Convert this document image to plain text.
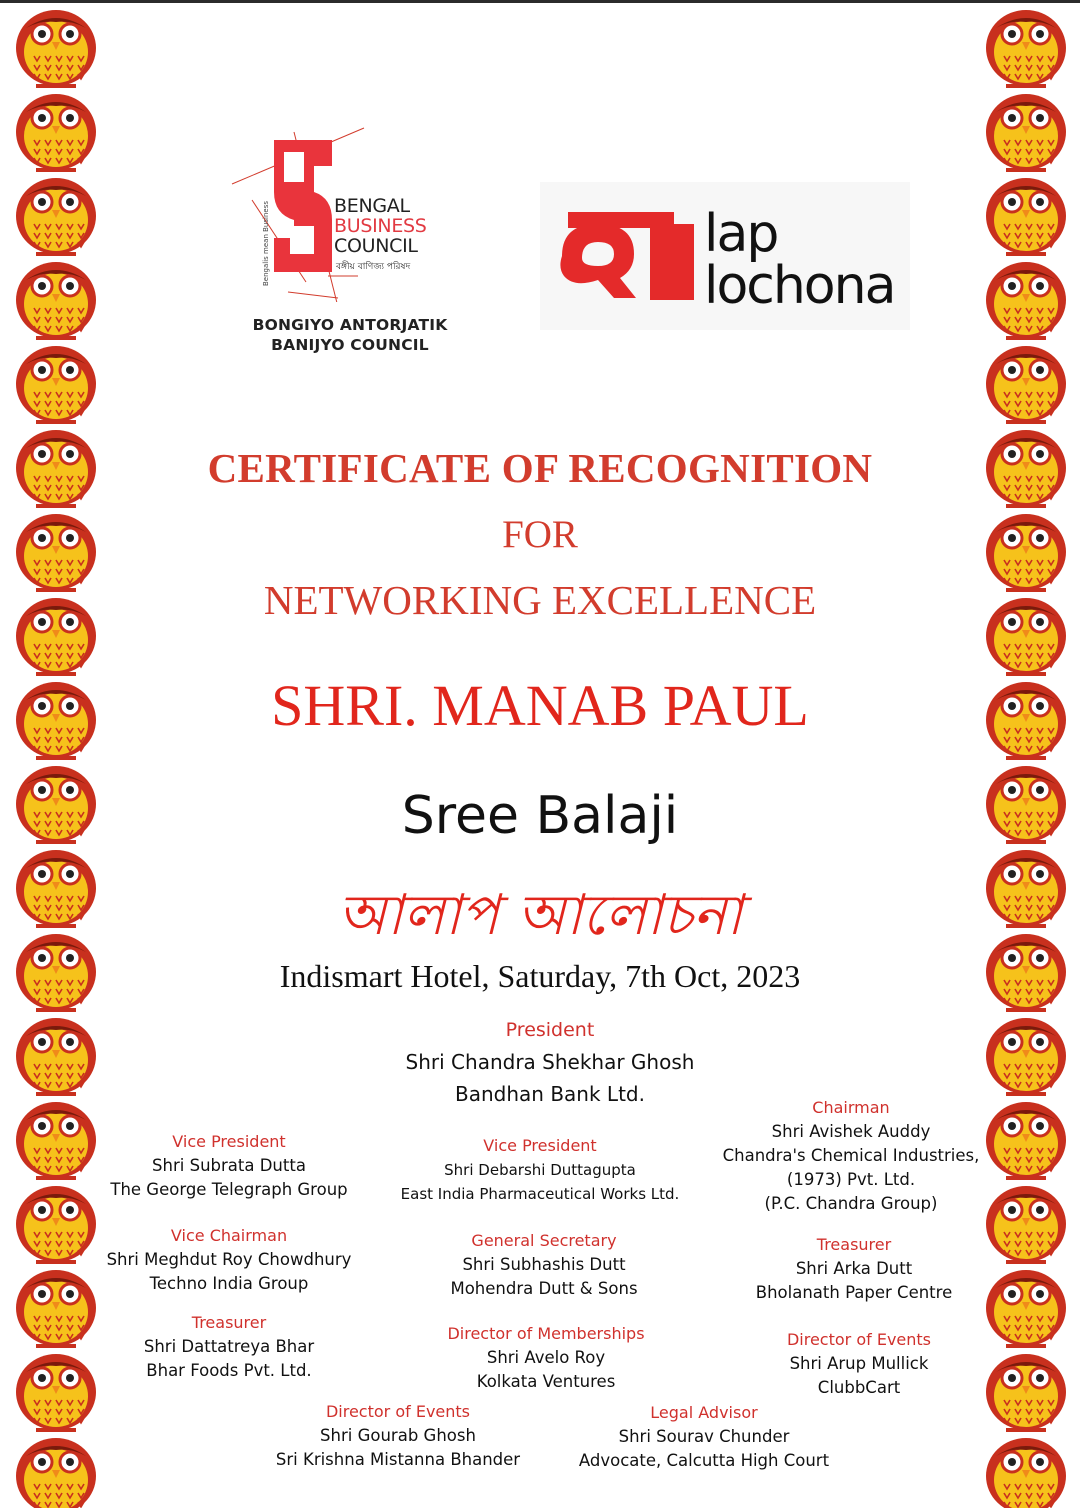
BENGAL
BUSINESS
COUNCIL
বঙ্গীয় বাণিজ্য পরিষদ
Bengalis mean Business
BONGIYO ANTORJATIK
BANIJYO COUNCIL
lap
lochona
CERTIFICATE OF RECOGNITION
FOR
NETWORKING EXCELLENCE
SHRI. MANAB PAUL
Sree Balaji
আলাপ আলোচনা
Indismart Hotel, Saturday, 7th Oct, 2023
President
Shri Chandra Shekhar Ghosh
Bandhan Bank Ltd.
Vice President
Shri Subrata Dutta
The George Telegraph Group
Vice President
Shri Debarshi Duttagupta
East India Pharmaceutical Works Ltd.
Chairman
Shri Avishek Auddy
Chandra's Chemical Industries,
(1973) Pvt. Ltd.
(P.C. Chandra Group)
Vice Chairman
Shri Meghdut Roy Chowdhury
Techno India Group
General Secretary
Shri Subhashis Dutt
Mohendra Dutt & Sons
Treasurer
Shri Arka Dutt
Bholanath Paper Centre
Treasurer
Shri Dattatreya Bhar
Bhar Foods Pvt. Ltd.
Director of Memberships
Shri Avelo Roy
Kolkata Ventures
Director of Events
Shri Arup Mullick
ClubbCart
Director of Events
Shri Gourab Ghosh
Sri Krishna Mistanna Bhander
Legal Advisor
Shri Sourav Chunder
Advocate, Calcutta High Court
